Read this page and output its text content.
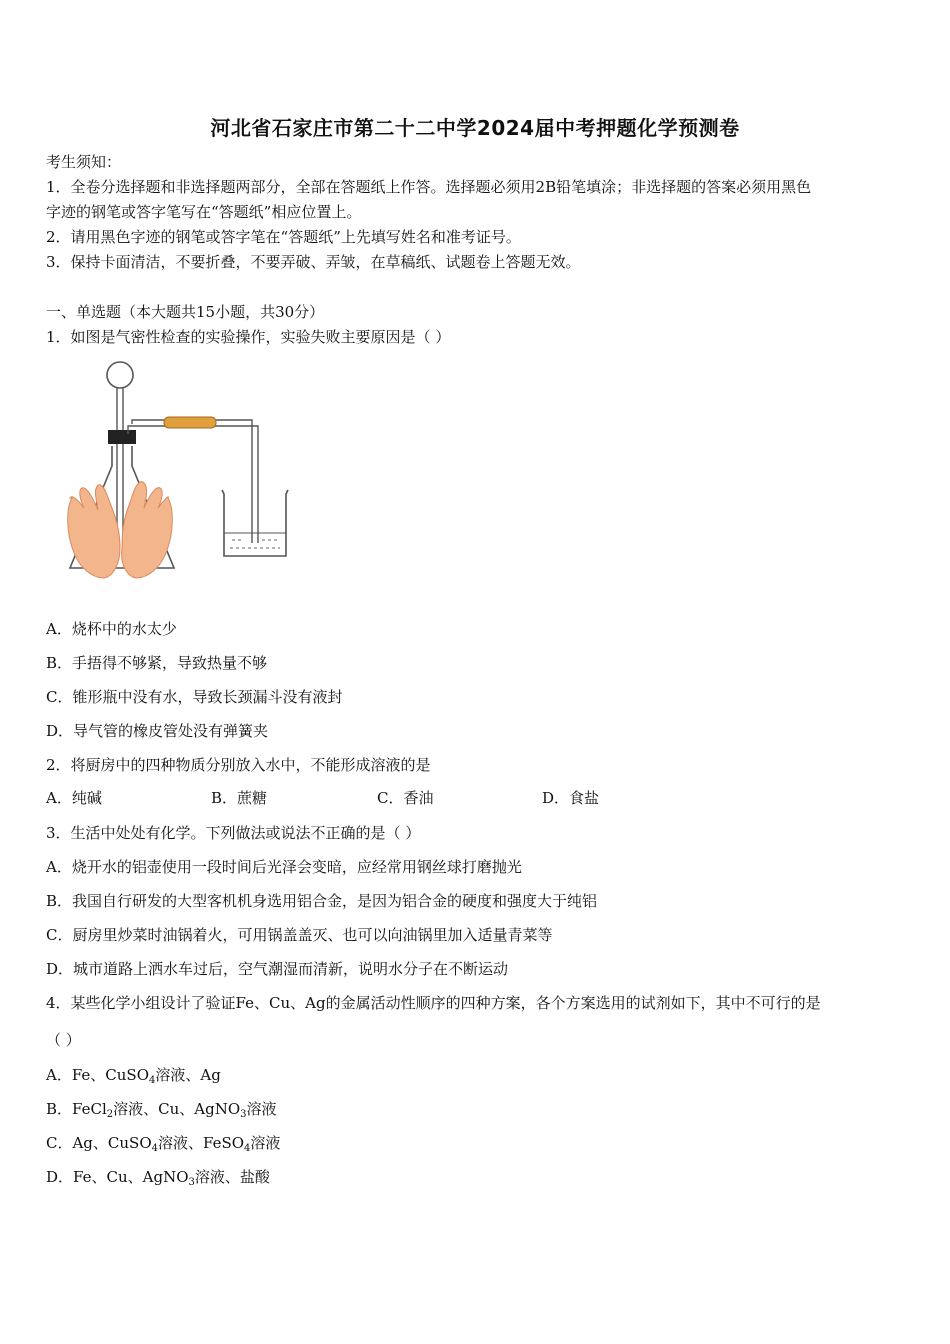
河北省石家庄市第二十二中学2024届中考押题化学预测卷
考生须知：
1．全卷分选择题和非选择题两部分，全部在答题纸上作答。选择题必须用2B铅笔填涂；非选择题的答案必须用黑色
字迹的钢笔或答字笔写在“答题纸”相应位置上。
2．请用黑色字迹的钢笔或答字笔在“答题纸”上先填写姓名和准考证号。
3．保持卡面清洁，不要折叠，不要弄破、弄皱，在草稿纸、试题卷上答题无效。
一、单选题（本大题共15小题，共30分）
1．如图是气密性检查的实验操作，实验失败主要原因是（ ）
A．烧杯中的水太少
B．手捂得不够紧，导致热量不够
C．锥形瓶中没有水，导致长颈漏斗没有液封
D．导气管的橡皮管处没有弹簧夹
2．将厨房中的四种物质分别放入水中，不能形成溶液的是
A．纯碱	B．蔗糖	C．香油	D．食盐
3．生活中处处有化学。下列做法或说法不正确的是（ ）
A．烧开水的铝壶使用一段时间后光泽会变暗，应经常用钢丝球打磨抛光
B．我国自行研发的大型客机机身选用铝合金，是因为铝合金的硬度和强度大于纯铝
C．厨房里炒菜时油锅着火，可用锅盖盖灭、也可以向油锅里加入适量青菜等
D．城市道路上洒水车过后，空气潮湿而清新，说明水分子在不断运动
4．某些化学小组设计了验证Fe、Cu、Ag的金属活动性顺序的四种方案，各个方案选用的试剂如下，其中不可行的是
（ ）
A．Fe、CuSO$_4$溶液、Ag
B．FeCl$_2$溶液、Cu、AgNO$_3$溶液
C．Ag、CuSO$_4$溶液、FeSO$_4$溶液
D．Fe、Cu、AgNO$_3$溶液、盐酸
